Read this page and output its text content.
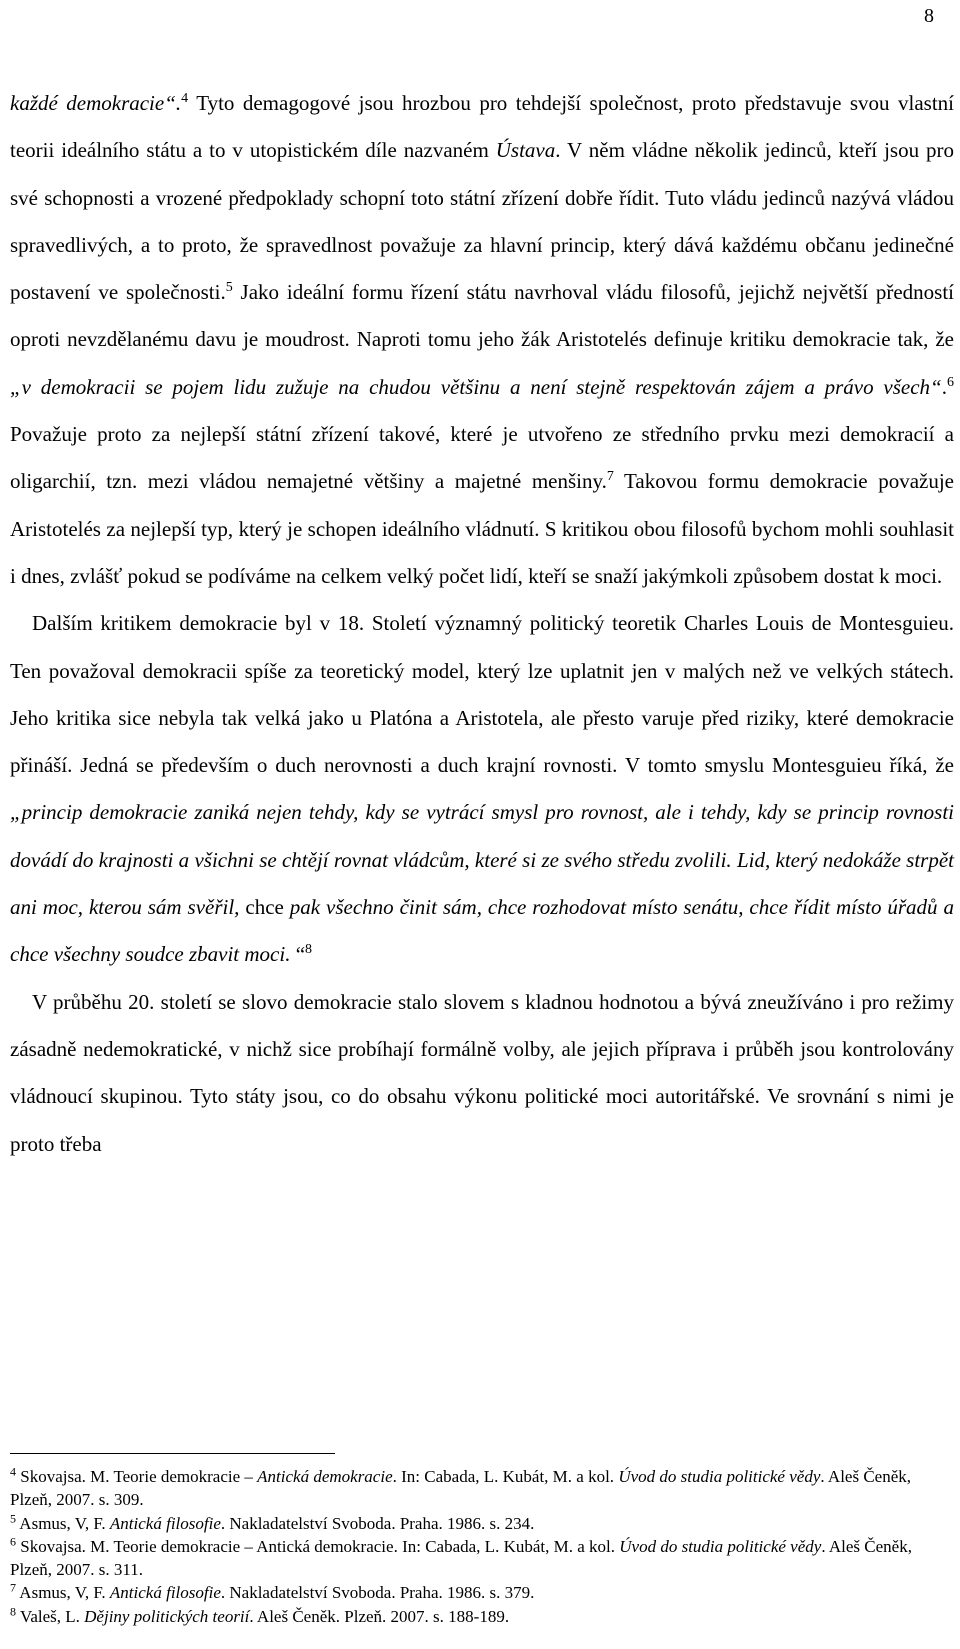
8

každé demokracie“.$^4$ Tyto demagogové jsou hrozbou pro tehdejší společnost, proto představuje svou vlastní teorii ideálního státu a to v utopistickém díle nazvaném Ústava. V něm vládne několik jedinců, kteří jsou pro své schopnosti a vrozené předpoklady schopní toto státní zřízení dobře řídit. Tuto vládu jedinců nazývá vládou spravedlivých, a to proto, že spravedlnost považuje za hlavní princip, který dává každému občanu jedinečné postavení ve společnosti.$^5$ Jako ideální formu řízení státu navrhoval vládu filosofů, jejichž největší předností oproti nevzdělanému davu je moudrost. Naproti tomu jeho žák Aristotelés definuje kritiku demokracie tak, že „v demokracii se pojem lidu zužuje na chudou většinu a není stejně respektován zájem a právo všech“.$^6$ Považuje proto za nejlepší státní zřízení takové, které je utvořeno ze středního prvku mezi demokracií a oligarchií, tzn. mezi vládou nemajetné většiny a majetné menšiny.$^7$ Takovou formu demokracie považuje Aristotelés za nejlepší typ, který je schopen ideálního vládnutí. S kritikou obou filosofů bychom mohli souhlasit i dnes, zvlášť pokud se podíváme na celkem velký počet lidí, kteří se snaží jakýmkoli způsobem dostat k moci.

Dalším kritikem demokracie byl v 18. Století významný politický teoretik Charles Louis de Montesguieu. Ten považoval demokracii spíše za teoretický model, který lze uplatnit jen v malých než ve velkých státech. Jeho kritika sice nebyla tak velká jako u Platóna a Aristotela, ale přesto varuje před riziky, které demokracie přináší. Jedná se především o duch nerovnosti a duch krajní rovnosti. V tomto smyslu Montesguieu říká, že „princip demokracie zaniká nejen tehdy, kdy se vytrácí smysl pro rovnost, ale i tehdy, kdy se princip rovnosti dovádí do krajnosti a všichni se chtějí rovnat vládcům, které si ze svého středu zvolili. Lid, který nedokáže strpět ani moc, kterou sám svěřil, chce pak všechno činit sám, chce rozhodovat místo senátu, chce řídit místo úřadů a chce všechny soudce zbavit moci. “$^8$

V průběhu 20. století se slovo demokracie stalo slovem s kladnou hodnotou a bývá zneužíváno i pro režimy zásadně nedemokratické, v nichž sice probíhají formálně volby, ale jejich příprava i průběh jsou kontrolovány vládnoucí skupinou. Tyto státy jsou, co do obsahu výkonu politické moci autoritářské. Ve srovnání s nimi je proto třeba

$^4$ Skovajsa. M. Teorie demokracie – Antická demokracie. In: Cabada, L. Kubát, M. a kol. Úvod do studia politické vědy. Aleš Čeněk, Plzeň, 2007. s. 309.
$^5$ Asmus, V, F. Antická filosofie. Nakladatelství Svoboda. Praha. 1986. s. 234.
$^6$ Skovajsa. M. Teorie demokracie – Antická demokracie. In: Cabada, L. Kubát, M. a kol. Úvod do studia politické vědy. Aleš Čeněk, Plzeň, 2007. s. 311.
$^7$ Asmus, V, F. Antická filosofie. Nakladatelství Svoboda. Praha. 1986. s. 379.
$^8$ Valeš, L. Dějiny politických teorií. Aleš Čeněk. Plzeň. 2007. s. 188-189.
